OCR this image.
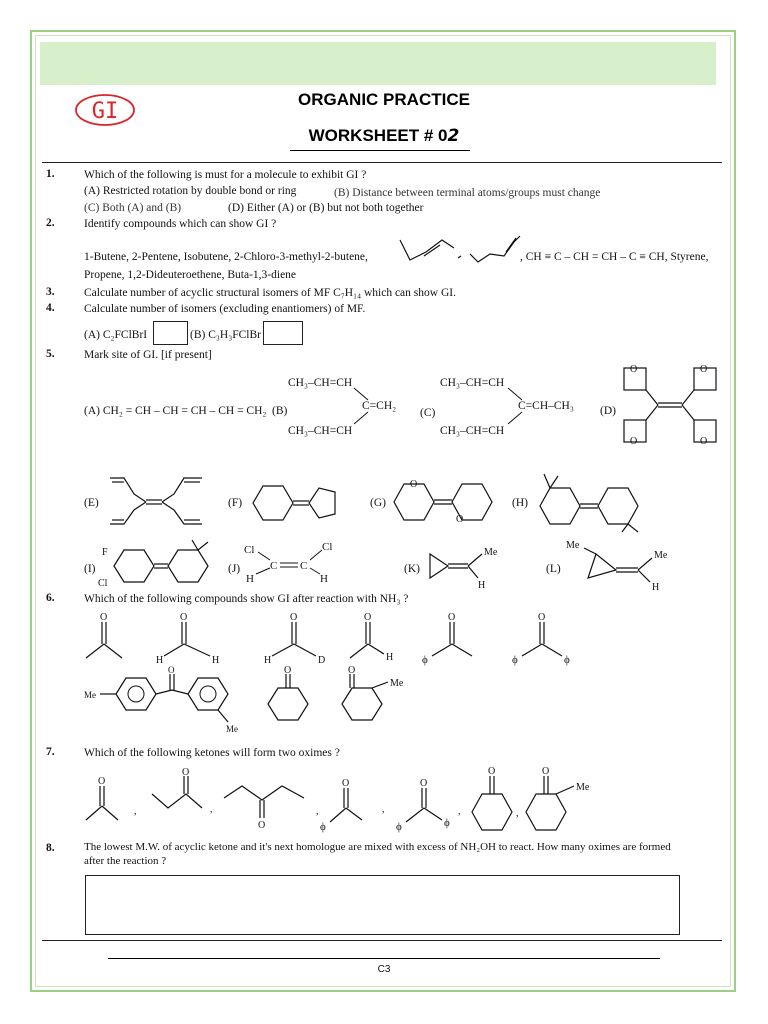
GI	ORGANIC PRACTICE
WORKSHEET # 02
1.	Which of the following is must for a molecule to exhibit GI ?
(A) Restricted rotation by double bond or ring	(B) Distance between terminal atoms/groups must change
(C) Both (A) and (B)	(D) Either (A) or (B) but not both together
2.	Identify compounds which can show GI ?
1-Butene, 2-Pentene, Isobutene, 2-Chloro-3-methyl-2-butene,	, CH ≡ C – CH = CH – C ≡ CH, Styrene,
Propene, 1,2-Dideuteroethene, Buta-1,3-diene
3.	Calculate number of acyclic structural isomers of MF C₇H₁₄ which can show GI.
4.	Calculate number of isomers (excluding enantiomers) of MF.
(A) C₂FClBrI	(B) C₃H₃FClBr
5.	Mark site of GI. [if present]
(A) CH₂ = CH – CH = CH – CH = CH₂ (B)
CH₃–CH=CH
C=CH₂
CH₃–CH=CH
(C)
CH₃–CH=CH
C=CH–CH₃
CH₃–CH=CH
(D)
O
O
O
O
(E)	(F)	(G)
O
O
(H)
(I)
F
Cl
(J)
Cl	Cl
H	H
C C	(K)
Me
H
(L)
Me
Me
H
6.	Which of the following compounds show GI after reaction with NH₃ ?
O
H	H
O
H	D
O
H
O
ϕ
O
ϕ	ϕ
O
Me
O
Me
O	O
Me
7.	Which of the following ketones will form two oximes ?
O
,
O
,
O
,
ϕ
O
,
ϕ	ϕ
O
,
O
,
O
Me
8.	The lowest M.W. of acyclic ketone and it's next homologue are mixed with excess of NH₂OH to react. How many oximes are formed
after the reaction ?
C3
